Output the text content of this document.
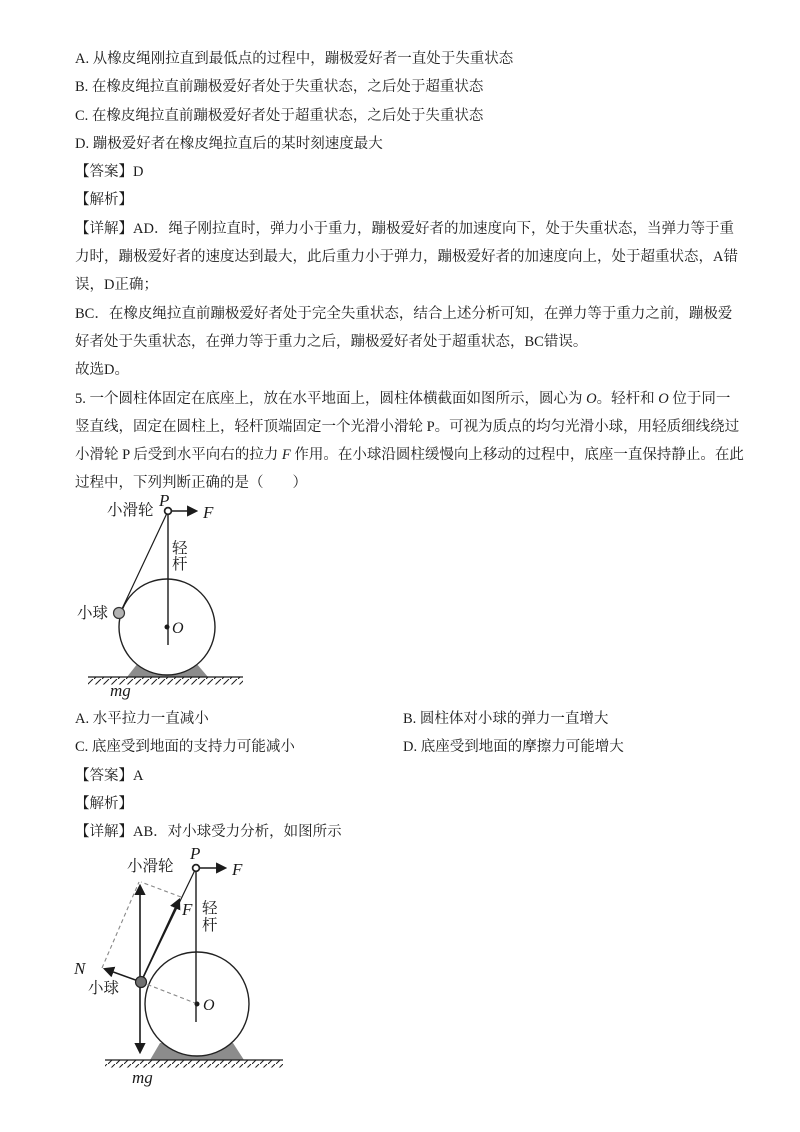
A. 从橡皮绳刚拉直到最低点的过程中，蹦极爱好者一直处于失重状态
B. 在橡皮绳拉直前蹦极爱好者处于失重状态，之后处于超重状态
C. 在橡皮绳拉直前蹦极爱好者处于超重状态，之后处于失重状态
D. 蹦极爱好者在橡皮绳拉直后的某时刻速度最大
【答案】D
【解析】
【详解】AD．绳子刚拉直时，弹力小于重力，蹦极爱好者的加速度向下，处于失重状态，当弹力等于重
力时，蹦极爱好者的速度达到最大，此后重力小于弹力，蹦极爱好者的加速度向上，处于超重状态，A错
误，D正确；
BC．在橡皮绳拉直前蹦极爱好者处于完全失重状态，结合上述分析可知，在弹力等于重力之前，蹦极爱
好者处于失重状态，在弹力等于重力之后，蹦极爱好者处于超重状态，BC错误。
故选D。
5. 一个圆柱体固定在底座上，放在水平地面上，圆柱体横截面如图所示，圆心为 O。轻杆和 O 位于同一
竖直线，固定在圆柱上，轻杆顶端固定一个光滑小滑轮 P。可视为质点的均匀光滑小球，用轻质细线绕过
小滑轮 P 后受到水平向右的拉力 F 作用。在小球沿圆柱缓慢向上移动的过程中，底座一直保持静止。在此
过程中，下列判断正确的是（　　）
小滑轮
P
F
轻
杆
小球
O
mg
A. 水平拉力一直减小	B. 圆柱体对小球的弹力一直增大
C. 底座受到地面的支持力可能减小	D. 底座受到地面的摩擦力可能增大
【答案】A
【解析】
【详解】AB．对小球受力分析，如图所示
小滑轮
P
F
F 轻
杆
N
小球
O
mg
